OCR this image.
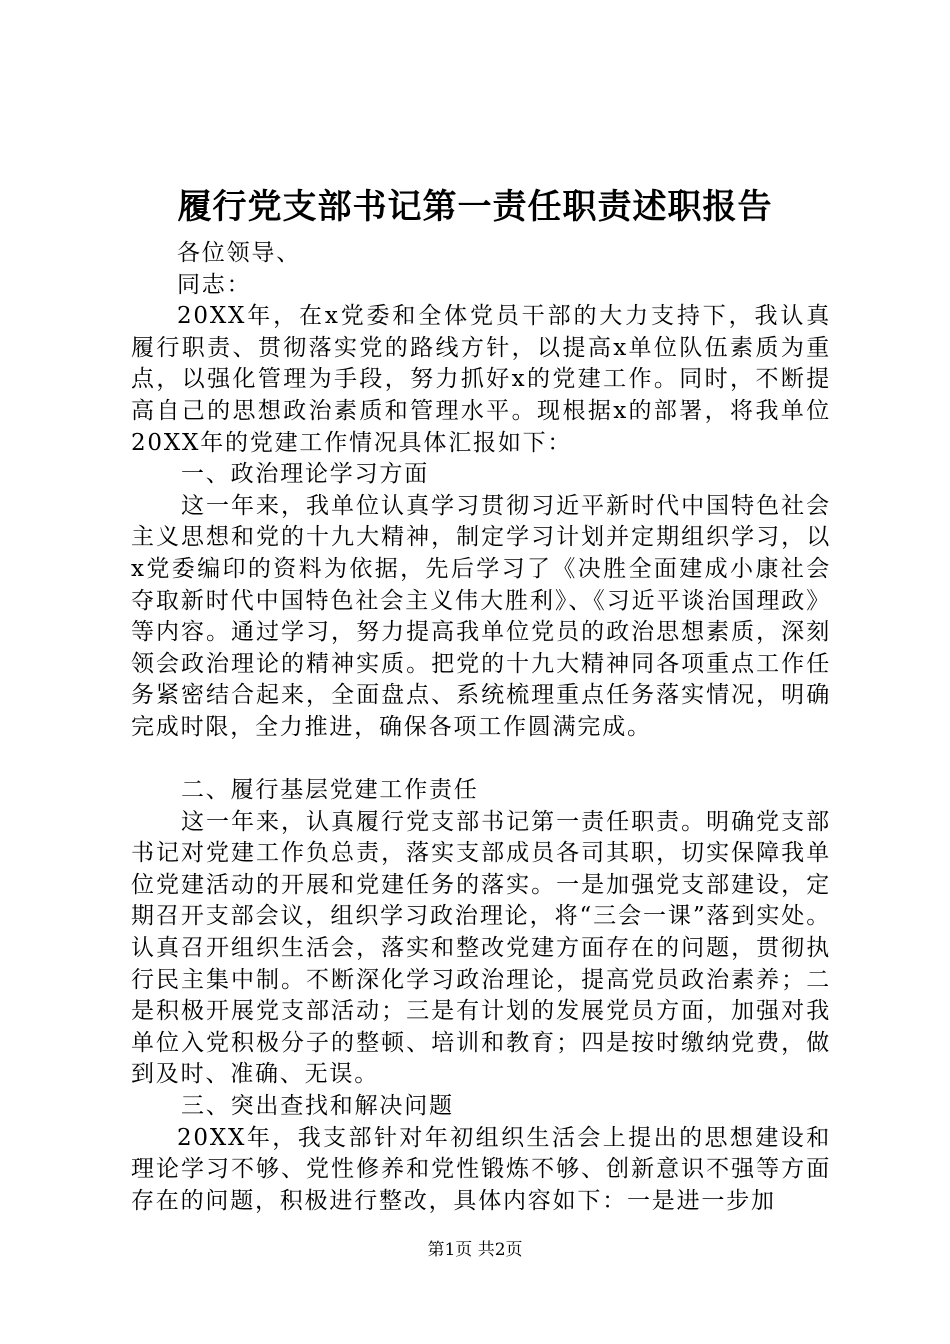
履行党支部书记第一责任职责述职报告

各位领导、

同志：

20XX年，在x党委和全体党员干部的大力支持下，我认真履行职责、贯彻落实党的路线方针，以提高x单位队伍素质为重点，以强化管理为手段，努力抓好x的党建工作。同时，不断提高自己的思想政治素质和管理水平。现根据x的部署，将我单位20XX年的党建工作情况具体汇报如下：

一、政治理论学习方面

这一年来，我单位认真学习贯彻习近平新时代中国特色社会主义思想和党的十九大精神，制定学习计划并定期组织学习，以x党委编印的资料为依据，先后学习了《决胜全面建成小康社会夺取新时代中国特色社会主义伟大胜利》、《习近平谈治国理政》等内容。通过学习，努力提高我单位党员的政治思想素质，深刻领会政治理论的精神实质。把党的十九大精神同各项重点工作任务紧密结合起来，全面盘点、系统梳理重点任务落实情况，明确完成时限，全力推进，确保各项工作圆满完成。

二、履行基层党建工作责任

这一年来，认真履行党支部书记第一责任职责。明确党支部书记对党建工作负总责，落实支部成员各司其职，切实保障我单位党建活动的开展和党建任务的落实。一是加强党支部建设，定期召开支部会议，组织学习政治理论，将“三会一课”落到实处。认真召开组织生活会，落实和整改党建方面存在的问题，贯彻执行民主集中制。不断深化学习政治理论，提高党员政治素养；二是积极开展党支部活动；三是有计划的发展党员方面，加强对我单位入党积极分子的整顿、培训和教育；四是按时缴纳党费，做到及时、准确、无误。

三、突出查找和解决问题

20XX年，我支部针对年初组织生活会上提出的思想建设和理论学习不够、党性修养和党性锻炼不够、创新意识不强等方面存在的问题，积极进行整改，具体内容如下：一是进一步加

第1页 共2页
